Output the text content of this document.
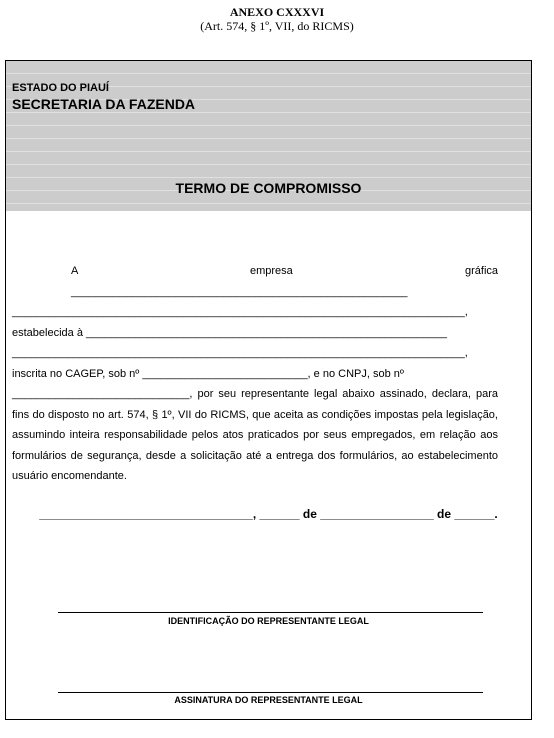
ANEXO CXXXVI
(Art. 574, § 1º, VII, do RICMS)
ESTADO DO PIAUÍ
SECRETARIA DA FAZENDA
TERMO DE COMPROMISSO

A empresa gráfica _______________________________________________________

__________________________________________________________________________,

estabelecida à ___________________________________________________________

__________________________________________________________________________,

inscrita no CAGEP, sob nº ___________________________, e no CNPJ, sob nº

_____________________________, por seu representante legal abaixo assinado, declara, para fins do disposto no art. 574, § 1º, VII do RICMS, que aceita as condições impostas pela legislação, assumindo inteira responsabilidade pelos atos praticados por seus empregados, em relação aos formulários de segurança, desde a solicitação até a entrega dos formulários, ao estabelecimento usuário encomendante.

________________________________, ______ de _________________ de ______.
IDENTIFICAÇÃO DO REPRESENTANTE LEGAL
ASSINATURA DO REPRESENTANTE LEGAL
